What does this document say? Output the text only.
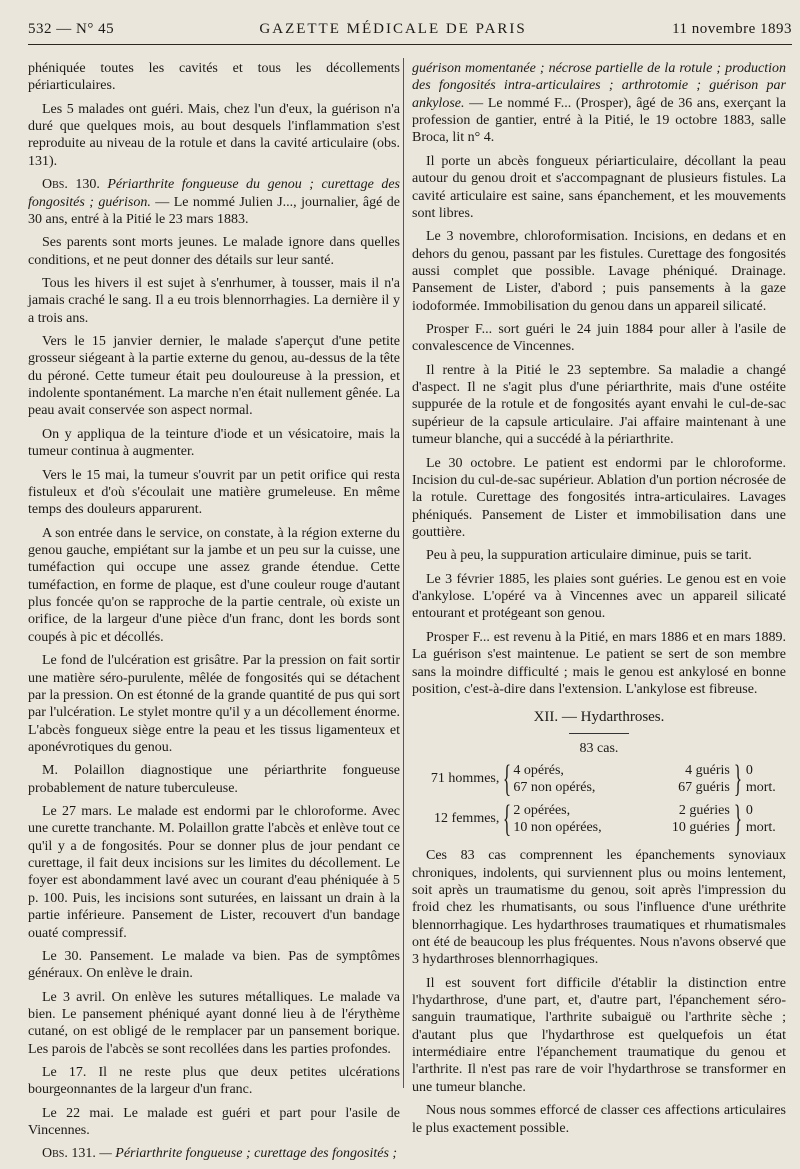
532 — N° 45	GAZETTE MÉDICALE DE PARIS	11 novembre 1893

phéniquée toutes les cavités et tous les décollements périarticulaires.

Les 5 malades ont guéri. Mais, chez l'un d'eux, la guérison n'a duré que quelques mois, au bout desquels l'inflammation s'est reproduite au niveau de la rotule et dans la cavité articulaire (obs. 131).

Obs. 130. Périarthrite fongueuse du genou ; curettage des fongosités ; guérison. — Le nommé Julien J..., journalier, âgé de 30 ans, entré à la Pitié le 23 mars 1883.

Ses parents sont morts jeunes. Le malade ignore dans quelles conditions, et ne peut donner des détails sur leur santé.

Tous les hivers il est sujet à s'enrhumer, à tousser, mais il n'a jamais craché le sang. Il a eu trois blennorrhagies. La dernière il y a trois ans.

Vers le 15 janvier dernier, le malade s'aperçut d'une petite grosseur siégeant à la partie externe du genou, au-dessus de la tête du péroné. Cette tumeur était peu douloureuse à la pression, et indolente spontanément. La marche n'en était nullement gênée. La peau avait conservée son aspect normal.

On y appliqua de la teinture d'iode et un vésicatoire, mais la tumeur continua à augmenter.

Vers le 15 mai, la tumeur s'ouvrit par un petit orifice qui resta fistuleux et d'où s'écoulait une matière grumeleuse. En même temps des douleurs apparurent.

A son entrée dans le service, on constate, à la région externe du genou gauche, empiétant sur la jambe et un peu sur la cuisse, une tuméfaction qui occupe une assez grande étendue. Cette tuméfaction, en forme de plaque, est d'une couleur rouge d'autant plus foncée qu'on se rapproche de la partie centrale, où existe un orifice, de la largeur d'une pièce d'un franc, dont les bords sont coupés à pic et décollés.

Le fond de l'ulcération est grisâtre. Par la pression on fait sortir une matière séro-purulente, mêlée de fongosités qui se détachent par la pression. On est étonné de la grande quantité de pus qui sort par l'ulcération. Le stylet montre qu'il y a un décollement énorme. L'abcès fongueux siège entre la peau et les tissus ligamenteux et aponévrotiques du genou.

M. Polaillon diagnostique une périarthrite fongueuse probablement de nature tuberculeuse.

Le 27 mars. Le malade est endormi par le chloroforme. Avec une curette tranchante. M. Polaillon gratte l'abcès et enlève tout ce qu'il y a de fongosités. Pour se donner plus de jour pendant ce curettage, il fait deux incisions sur les limites du décollement. Le foyer est abondamment lavé avec un courant d'eau phéniquée à 5 p. 100. Puis, les incisions sont suturées, en laissant un drain à la partie inférieure. Pansement de Lister, recouvert d'un bandage ouaté compressif.

Le 30. Pansement. Le malade va bien. Pas de symptômes généraux. On enlève le drain.

Le 3 avril. On enlève les sutures métalliques. Le malade va bien. Le pansement phéniqué ayant donné lieu à de l'érythème cutané, on est obligé de le remplacer par un pansement borique. Les parois de l'abcès se sont recollées dans les parties profondes.

Le 17. Il ne reste plus que deux petites ulcérations bourgeonnantes de la largeur d'un franc.

Le 22 mai. Le malade est guéri et part pour l'asile de Vincennes.

Obs. 131. — Périarthrite fongueuse ; curettage des fongosités ;

guérison momentanée ; nécrose partielle de la rotule ; production des fongosités intra-articulaires ; arthrotomie ; guérison par ankylose. — Le nommé F... (Prosper), âgé de 36 ans, exerçant la profession de gantier, entré à la Pitié, le 19 octobre 1883, salle Broca, lit n° 4.

Il porte un abcès fongueux périarticulaire, décollant la peau autour du genou droit et s'accompagnant de plusieurs fistules. La cavité articulaire est saine, sans épanchement, et les mouvements sont libres.

Le 3 novembre, chloroformisation. Incisions, en dedans et en dehors du genou, passant par les fistules. Curettage des fongosités aussi complet que possible. Lavage phéniqué. Drainage. Pansement de Lister, d'abord ; puis pansements à la gaze iodoformée. Immobilisation du genou dans un appareil silicaté.

Prosper F... sort guéri le 24 juin 1884 pour aller à l'asile de convalescence de Vincennes.

Il rentre à la Pitié le 23 septembre. Sa maladie a changé d'aspect. Il ne s'agit plus d'une périarthrite, mais d'une ostéite suppurée de la rotule et de fongosités ayant envahi le cul-de-sac supérieur de la capsule articulaire. J'ai affaire maintenant à une tumeur blanche, qui a succédé à la périarthrite.

Le 30 octobre. Le patient est endormi par le chloroforme. Incision du cul-de-sac supérieur. Ablation d'un portion nécrosée de la rotule. Curettage des fongosités intra-articulaires. Lavages phéniqués. Pansement de Lister et immobilisation dans une gouttière.

Peu à peu, la suppuration articulaire diminue, puis se tarit.

Le 3 février 1885, les plaies sont guéries. Le genou est en voie d'ankylose. L'opéré va à Vincennes avec un appareil silicaté entourant et protégeant son genou.

Prosper F... est revenu à la Pitié, en mars 1886 et en mars 1889. La guérison s'est maintenue. Le patient se sert de son membre sans la moindre difficulté ; mais le genou est ankylosé en bonne position, c'est-à-dire dans l'extension. L'ankylose est fibreuse.

XII. — Hydarthroses.
83 cas.
71 hommes, { 4 opérés,
67 non opérés,
4 guéris
67 guéris } 0 mort.
12 femmes, { 2 opérées,
10 non opérées,
2 guéries
10 guéries } 0 mort.

Ces 83 cas comprennent les épanchements synoviaux chroniques, indolents, qui surviennent plus ou moins lentement, soit après un traumatisme du genou, soit après l'impression du froid chez les rhumatisants, ou sous l'influence d'une uréthrite blennorrhagique. Les hydarthroses traumatiques et rhumatismales ont été de beaucoup les plus fréquentes. Nous n'avons observé que 3 hydarthroses blennorrhagiques.

Il est souvent fort difficile d'établir la distinction entre l'hydarthrose, d'une part, et, d'autre part, l'épanchement séro-sanguin traumatique, l'arthrite subaiguë ou l'arthrite sèche ; d'autant plus que l'hydarthrose est quelquefois un état intermédiaire entre l'épanchement traumatique du genou et l'arthrite. Il n'est pas rare de voir l'hydarthrose se transformer en une tumeur blanche.

Nous nous sommes efforcé de classer ces affections articulaires le plus exactement possible.
